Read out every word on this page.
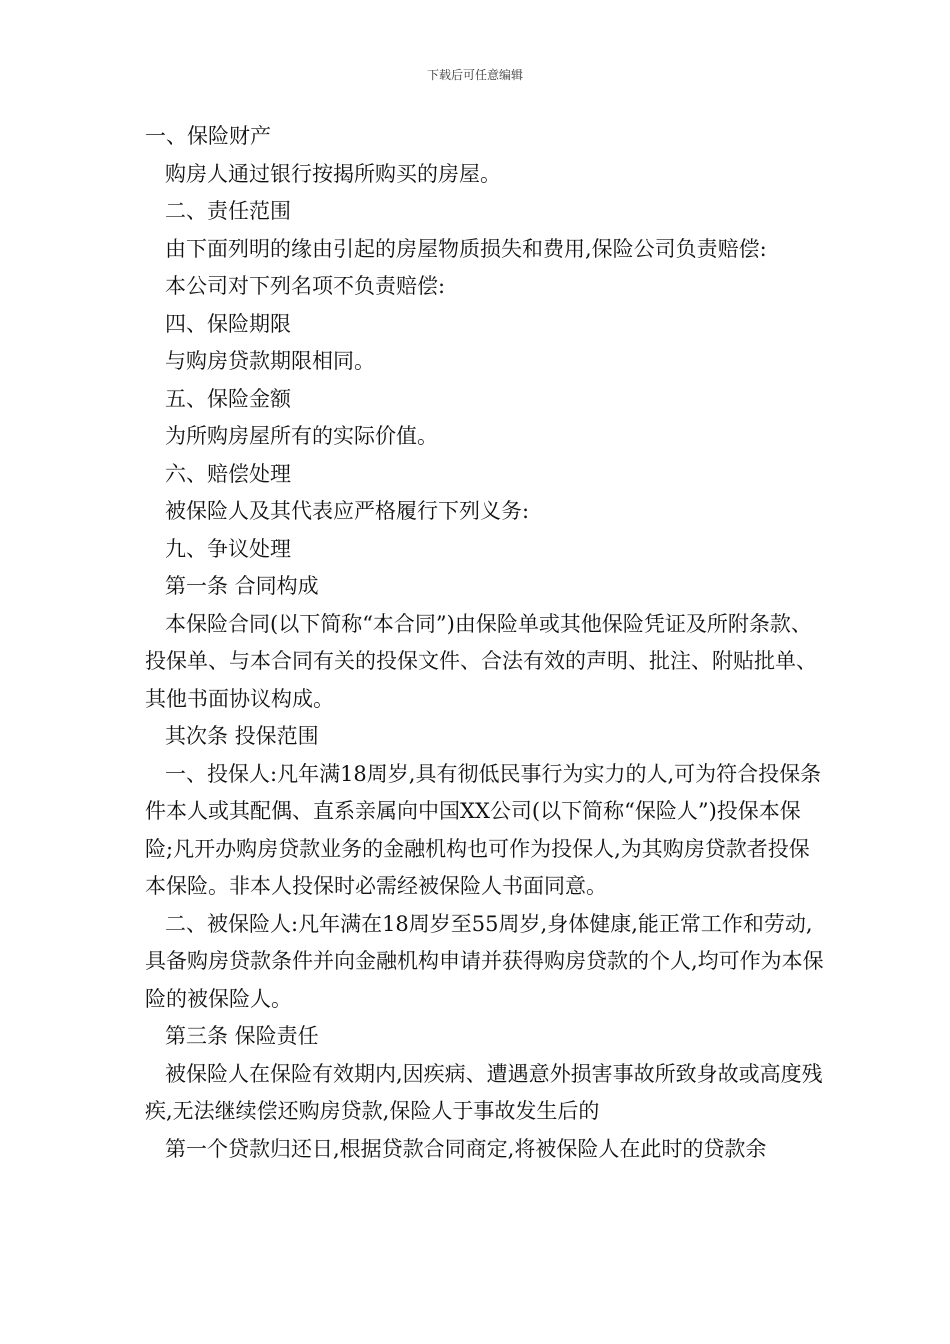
下载后可任意编辑

一、保险财产

购房人通过银行按揭所购买的房屋。

二、责任范围

由下面列明的缘由引起的房屋物质损失和费用,保险公司负责赔偿:

本公司对下列名项不负责赔偿:

四、保险期限

与购房贷款期限相同。

五、保险金额

为所购房屋所有的实际价值。

六、赔偿处理

被保险人及其代表应严格履行下列义务:

九、争议处理

第一条 合同构成

本保险合同(以下简称“本合同”)由保险单或其他保险凭证及所附条款、投保单、与本合同有关的投保文件、合法有效的声明、批注、附贴批单、其他书面协议构成。

其次条 投保范围

一、投保人:凡年满18周岁,具有彻低民事行为实力的人,可为符合投保条件本人或其配偶、直系亲属向中国XX公司(以下简称“保险人”)投保本保险;凡开办购房贷款业务的金融机构也可作为投保人,为其购房贷款者投保本保险。非本人投保时必需经被保险人书面同意。

二、被保险人:凡年满在18周岁至55周岁,身体健康,能正常工作和劳动,具备购房贷款条件并向金融机构申请并获得购房贷款的个人,均可作为本保险的被保险人。

第三条 保险责任

被保险人在保险有效期内,因疾病、遭遇意外损害事故所致身故或高度残疾,无法继续偿还购房贷款,保险人于事故发生后的

第一个贷款归还日,根据贷款合同商定,将被保险人在此时的贷款余
